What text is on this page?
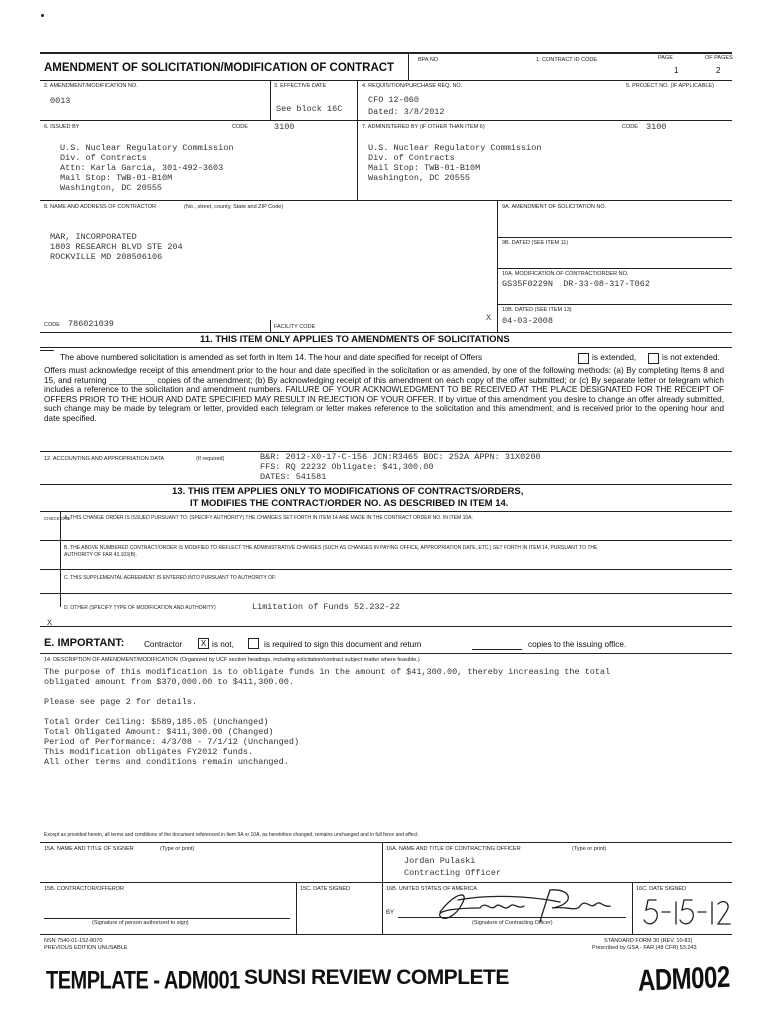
AMENDMENT OF SOLICITATION/MODIFICATION OF CONTRACT
BPA NO	1. CONTRACT ID CODE	PAGE	OF PAGES
1	2
2. AMENDMENT/MODIFICATION NO.
0013
3. EFFECTIVE DATE
See block 16C
4. REQUISITION/PURCHASE REQ. NO.
CFO 12-060
Dated: 3/8/2012
5. PROJECT NO. (IF APPLICABLE)
6. ISSUED BY	CODE	3100	7. ADMINISTERED BY (IF OTHER THAN ITEM 6)	CODE 3100
U.S. Nuclear Regulatory Commission
Div. of Contracts
Attn: Karla Garcia, 301-492-3603
Mail Stop: TWB-01-B10M
Washington, DC 20555
U.S. Nuclear Regulatory Commission
Div. of Contracts
Mail Stop: TWB-01-B10M
Washington, DC 20555
8. NAME AND ADDRESS OF CONTRACTOR	(No., street, county, State and ZIP Code)
MAR, INCORPORATED
1803 RESEARCH BLVD STE 204
ROCKVILLE MD 208506106
9A. AMENDMENT OF SOLICITATION NO.
9B. DATED (SEE ITEM 11)
10A. MODIFICATION OF CONTRACT/ORDER NO.
GS35F0229N  DR-33-08-317-T062
10B. DATED (SEE ITEM 13)
X 04-03-2008
CODE 786021039	FACILITY CODE
11. THIS ITEM ONLY APPLIES TO AMENDMENTS OF SOLICITATIONS
The above numbered solicitation is amended as set forth in Item 14. The hour and date specified for receipt of Offers	is extended,	is not extended.
Offers must acknowledge receipt of this amendment prior to the hour and date specified in the solicitation or as amended, by one of the following methods: (a) By completing Items 8 and 15, and returning __________ copies of the amendment; (b) By acknowledging receipt of this amendment on each copy of the offer submitted; or (c) By separate letter or telegram which includes a reference to the solicitation and amendment numbers. FAILURE OF YOUR ACKNOWLEDGMENT TO BE RECEIVED AT THE PLACE DESIGNATED FOR THE RECEIPT OF OFFERS PRIOR TO THE HOUR AND DATE SPECIFIED MAY RESULT IN REJECTION OF YOUR OFFER. If by virtue of this amendment you desire to change an offer already submitted, such change may be made by telegram or letter, provided each telegram or letter makes reference to the solicitation and this amendment, and is received prior to the opening hour and date specified.
12. ACCOUNTING AND APPROPRIATION DATA	(If required)	B&R: 2012-X0-17-C-156 JCN:R3465 BOC: 252A APPN: 31X0200
FFS: RQ 22232 Obligate: $41,300.00
DATES: 541581
13. THIS ITEM APPLIES ONLY TO MODIFICATIONS OF CONTRACTS/ORDERS,
IT MODIFIES THE CONTRACT/ORDER NO. AS DESCRIBED IN ITEM 14.
CHECK ONE
A. THIS CHANGE ORDER IS ISSUED PURSUANT TO: (SPECIFY AUTHORITY) THE CHANGES SET FORTH IN ITEM 14 ARE MADE IN THE CONTRACT ORDER NO. IN ITEM 10A.
B. THE ABOVE NUMBERED CONTRACT/ORDER IS MODIFIED TO REFLECT THE ADMINISTRATIVE CHANGES (SUCH AS CHANGES IN PAYING OFFICE, APPROPRIATION DATE, ETC.) SET FORTH IN ITEM 14, PURSUANT TO THE AUTHORITY OF FAR 43.103(B).
C. THIS SUPPLEMENTAL AGREEMENT IS ENTERED INTO PURSUANT TO AUTHORITY OF:
D. OTHER (SPECIFY TYPE OF MODIFICATION AND AUTHORITY)	Limitation of Funds 52.232-22
X
E. IMPORTANT: Contractor	X is not,	is required to sign this document and return	copies to the issuing office.
14. DESCRIPTION OF AMENDMENT/MODIFICATION (Organized by UCF section headings, including solicitation/contract subject matter where feasible.)
The purpose of this modification is to obligate funds in the amount of $41,300.00, thereby increasing the total
obligated amount from $370,000.00 to $411,300.00.
Please see page 2 for details.
Total Order Ceiling: $589,185.05 (Unchanged)
Total Obligated Amount: $411,300.00 (Changed)
Period of Performance: 4/3/08 - 7/1/12 (Unchanged)
This modification obligates FY2012 funds.
All other terms and conditions remain unchanged.
Except as provided herein, all terms and conditions of the document referenced in Item 9A or 10A, as heretofore changed, remains unchanged and in full force and effect.
15A. NAME AND TITLE OF SIGNER	(Type or print)	16A. NAME AND TITLE OF CONTRACTING OFFICER	(Type or print)
Jordan Pulaski
Contracting Officer
15B. CONTRACTOR/OFFEROR	15C. DATE SIGNED
(Signature of person authorized to sign)
16B. UNITED STATES OF AMERICA
BY
(Signature of Contracting Officer)
16C. DATE SIGNED
NSN 7540-01-152-8070
PREVIOUS EDITION UNUSABLE
STANDARD FORM 30 (REV. 10-83)
Prescribed by GSA - FAR (48 CFR) 53.243
TEMPLATE - ADM001 SUNSI REVIEW COMPLETE	ADM002
